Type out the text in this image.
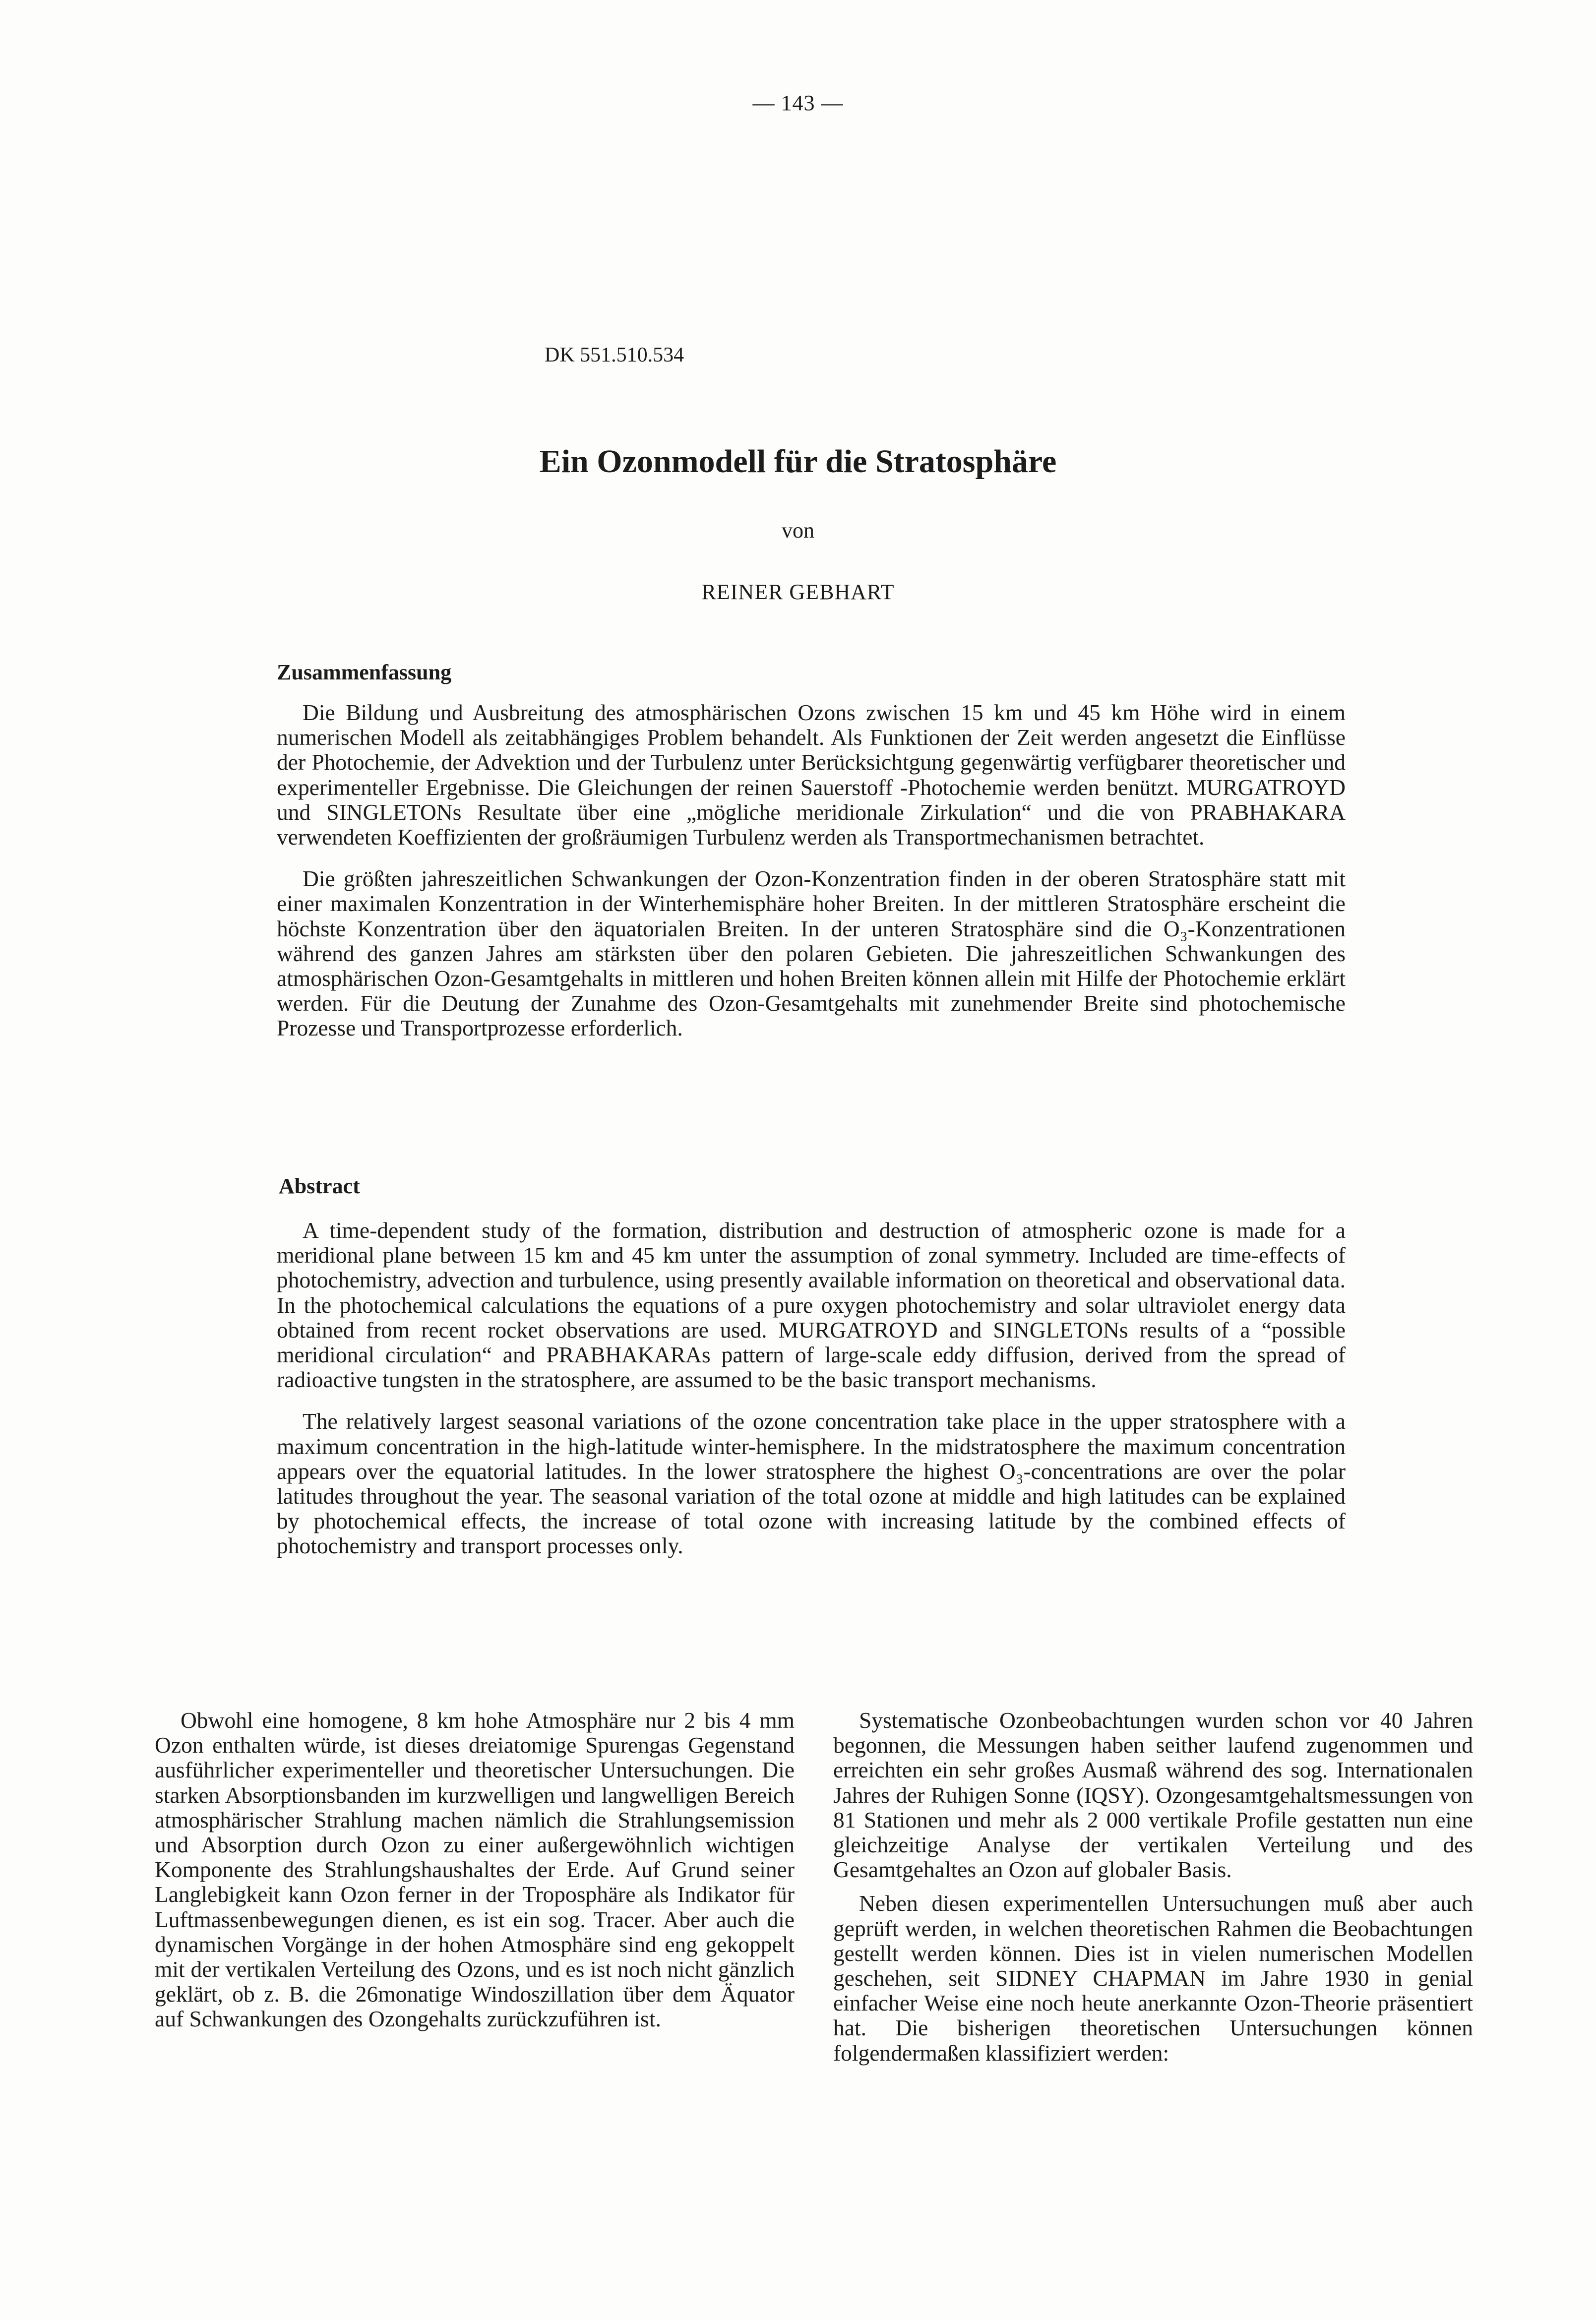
— 143 —
DK 551.510.534
Ein Ozonmodell für die Stratosphäre
von
REINER GEBHART
Zusammenfassung

Die Bildung und Ausbreitung des atmosphärischen Ozons zwischen 15 km und 45 km Höhe wird in einem numerischen Modell als zeitabhängiges Problem behandelt. Als Funktionen der Zeit werden angesetzt die Einflüsse der Photochemie, der Advektion und der Turbulenz unter Berücksichtgung gegenwärtig verfügbarer theoretischer und experimenteller Ergebnisse. Die Gleichungen der reinen Sauerstoff -Photochemie werden benützt. MURGATROYD und SINGLETONs Resultate über eine „mögliche meridionale Zirkulation“ und die von PRABHAKARA verwendeten Koeffizienten der großräumigen Turbulenz werden als Transportmechanismen betrachtet.

Die größten jahreszeitlichen Schwankungen der Ozon-Konzentration finden in der oberen Stratosphäre statt mit einer maximalen Konzentration in der Winterhemisphäre hoher Breiten. In der mittleren Stratosphäre erscheint die höchste Konzentration über den äquatorialen Breiten. In der unteren Stratosphäre sind die O₃-Konzentrationen während des ganzen Jahres am stärksten über den polaren Gebieten. Die jahreszeitlichen Schwankungen des atmosphärischen Ozon-Gesamtgehalts in mittleren und hohen Breiten können allein mit Hilfe der Photochemie erklärt werden. Für die Deutung der Zunahme des Ozon-Gesamtgehalts mit zunehmender Breite sind photochemische Prozesse und Transportprozesse erforderlich.

Abstract

A time-dependent study of the formation, distribution and destruction of atmospheric ozone is made for a meridional plane between 15 km and 45 km unter the assumption of zonal symmetry. Included are time-effects of photochemistry, advection and turbulence, using presently available information on theoretical and observational data. In the photochemical calculations the equations of a pure oxygen photochemistry and solar ultraviolet energy data obtained from recent rocket observations are used. MURGATROYD and SINGLETONs results of a “possible meridional circulation“ and PRABHAKARAs pattern of large-scale eddy diffusion, derived from the spread of radioactive tungsten in the stratosphere, are assumed to be the basic transport mechanisms.

The relatively largest seasonal variations of the ozone concentration take place in the upper stratosphere with a maximum concentration in the high-latitude winter-hemisphere. In the midstratosphere the maximum concentration appears over the equatorial latitudes. In the lower stratosphere the highest O₃-concentrations are over the polar latitudes throughout the year. The seasonal variation of the total ozone at middle and high latitudes can be explained by photochemical effects, the increase of total ozone with increasing latitude by the combined effects of photochemistry and transport processes only.

Obwohl eine homogene, 8 km hohe Atmosphäre nur 2 bis 4 mm Ozon enthalten würde, ist dieses dreiatomige Spurengas Gegenstand ausführlicher experimenteller und theoretischer Untersuchungen. Die starken Absorptionsbanden im kurzwelligen und langwelligen Bereich atmosphärischer Strahlung machen nämlich die Strahlungsemission und Absorption durch Ozon zu einer außergewöhnlich wichtigen Komponente des Strahlungshaushaltes der Erde. Auf Grund seiner Langlebigkeit kann Ozon ferner in der Troposphäre als Indikator für Luftmassenbewegungen dienen, es ist ein sog. Tracer. Aber auch die dynamischen Vorgänge in der hohen Atmosphäre sind eng gekoppelt mit der vertikalen Verteilung des Ozons, und es ist noch nicht gänzlich geklärt, ob z. B. die 26monatige Windoszillation über dem Äquator auf Schwankungen des Ozongehalts zurückzuführen ist.

Systematische Ozonbeobachtungen wurden schon vor 40 Jahren begonnen, die Messungen haben seither laufend zugenommen und erreichten ein sehr großes Ausmaß während des sog. Internationalen Jahres der Ruhigen Sonne (IQSY). Ozongesamtgehaltsmessungen von 81 Stationen und mehr als 2 000 vertikale Profile gestatten nun eine gleichzeitige Analyse der vertikalen Verteilung und des Gesamtgehaltes an Ozon auf globaler Basis.

Neben diesen experimentellen Untersuchungen muß aber auch geprüft werden, in welchen theoretischen Rahmen die Beobachtungen gestellt werden können. Dies ist in vielen numerischen Modellen geschehen, seit SIDNEY CHAPMAN im Jahre 1930 in genial einfacher Weise eine noch heute anerkannte Ozon-Theorie präsentiert hat. Die bisherigen theoretischen Untersuchungen können folgendermaßen klassifiziert werden:
